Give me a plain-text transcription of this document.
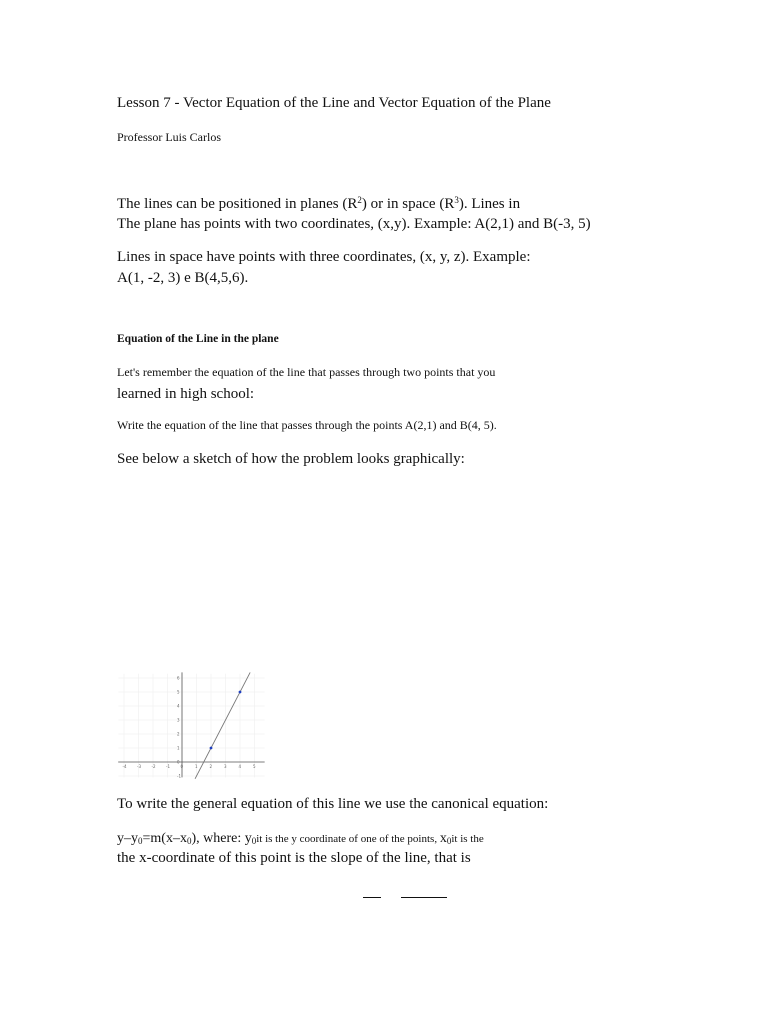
Lesson 7 - Vector Equation of the Line and Vector Equation of the Plane
Professor Luis Carlos
The lines can be positioned in planes $(R^2)$ or in space $(R^3)$. Lines in
The plane has points with two coordinates, (x,y). Example: A(2,1) and B(-3, 5)
Lines in space have points with three coordinates, (x, y, z). Example:
A(1, -2, 3) e B(4,5,6).
Equation of the Line in the plane
Let's remember the equation of the line that passes through two points that you
learned in high school:
Write the equation of the line that passes through the points A(2,1) and B(4, 5).
See below a sketch of how the problem looks graphically:
-4	-3	-2	-1	0	1	2	3	4	5
6
5
4
3
2
1
0
-1
To write the general equation of this line we use the canonical equation:
$y-y_0=m(x-x_0)$, where: $y_0it$ is the y coordinate of one of the points, $x_0it$ is the
the x-coordinate of this point is the slope of the line, that is
